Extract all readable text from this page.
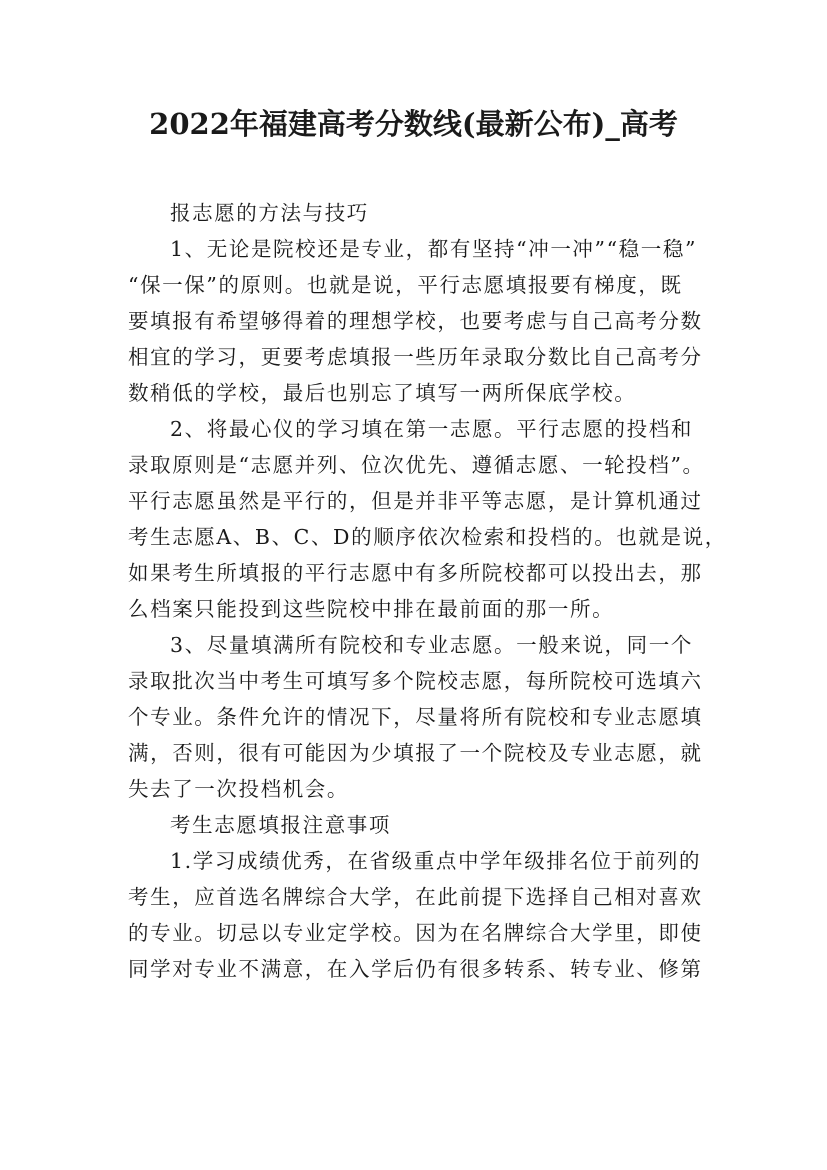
2022年福建高考分数线(最新公布)_高考
报志愿的方法与技巧
1、无论是院校还是专业，都有坚持“冲一冲”“稳一稳”
“保一保”的原则。也就是说，平行志愿填报要有梯度，既
要填报有希望够得着的理想学校，也要考虑与自己高考分数
相宜的学习，更要考虑填报一些历年录取分数比自己高考分
数稍低的学校，最后也别忘了填写一两所保底学校。
2、将最心仪的学习填在第一志愿。平行志愿的投档和
录取原则是“志愿并列、位次优先、遵循志愿、一轮投档”。
平行志愿虽然是平行的，但是并非平等志愿，是计算机通过
考生志愿A、B、C、D的顺序依次检索和投档的。也就是说，
如果考生所填报的平行志愿中有多所院校都可以投出去，那
么档案只能投到这些院校中排在最前面的那一所。
3、尽量填满所有院校和专业志愿。一般来说，同一个
录取批次当中考生可填写多个院校志愿，每所院校可选填六
个专业。条件允许的情况下，尽量将所有院校和专业志愿填
满，否则，很有可能因为少填报了一个院校及专业志愿，就
失去了一次投档机会。
考生志愿填报注意事项
1.学习成绩优秀，在省级重点中学年级排名位于前列的
考生，应首选名牌综合大学，在此前提下选择自己相对喜欢
的专业。切忌以专业定学校。因为在名牌综合大学里，即使
同学对专业不满意，在入学后仍有很多转系、转专业、修第
